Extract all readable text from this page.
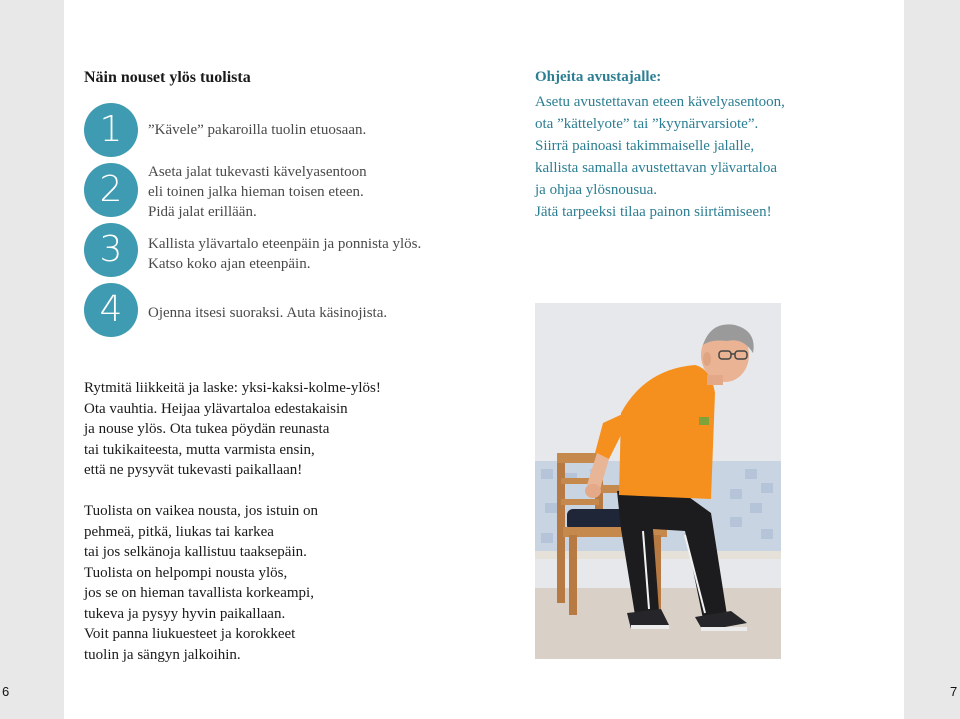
6	7
Näin nouset ylös tuolista
1	”Kävele” pakaroilla tuolin etuosaan.
2	Aseta jalat tukevasti kävelyasentoon
eli toinen jalka hieman toisen eteen.
Pidä jalat erillään.
3	Kallista ylävartalo eteenpäin ja ponnista ylös.
Katso koko ajan eteenpäin.
4	Ojenna itsesi suoraksi. Auta käsinojista.
Ohjeita avustajalle:
Asetu avustettavan eteen kävelyasentoon,
ota ”kättelyote” tai ”kyynärvarsiote”.
Siirrä painoasi takimmaiselle jalalle,
kallista samalla avustettavan ylävartaloa
ja ohjaa ylösnousua.
Jätä tarpeeksi tilaa painon siirtämiseen!
Rytmitä liikkeitä ja laske: yksi-kaksi-kolme-ylös!
Ota vauhtia. Heijaa ylävartaloa edestakaisin
ja nouse ylös. Ota tukea pöydän reunasta
tai tukikaiteesta, mutta varmista ensin,
että ne pysyvät tukevasti paikallaan!
Tuolista on vaikea nousta, jos istuin on
pehmeä, pitkä, liukas tai karkea
tai jos selkänoja kallistuu taaksepäin.
Tuolista on helpompi nousta ylös,
jos se on hieman tavallista korkeampi,
tukeva ja pysyy hyvin paikallaan.
Voit panna liukuesteet ja korokkeet
tuolin ja sängyn jalkoihin.
